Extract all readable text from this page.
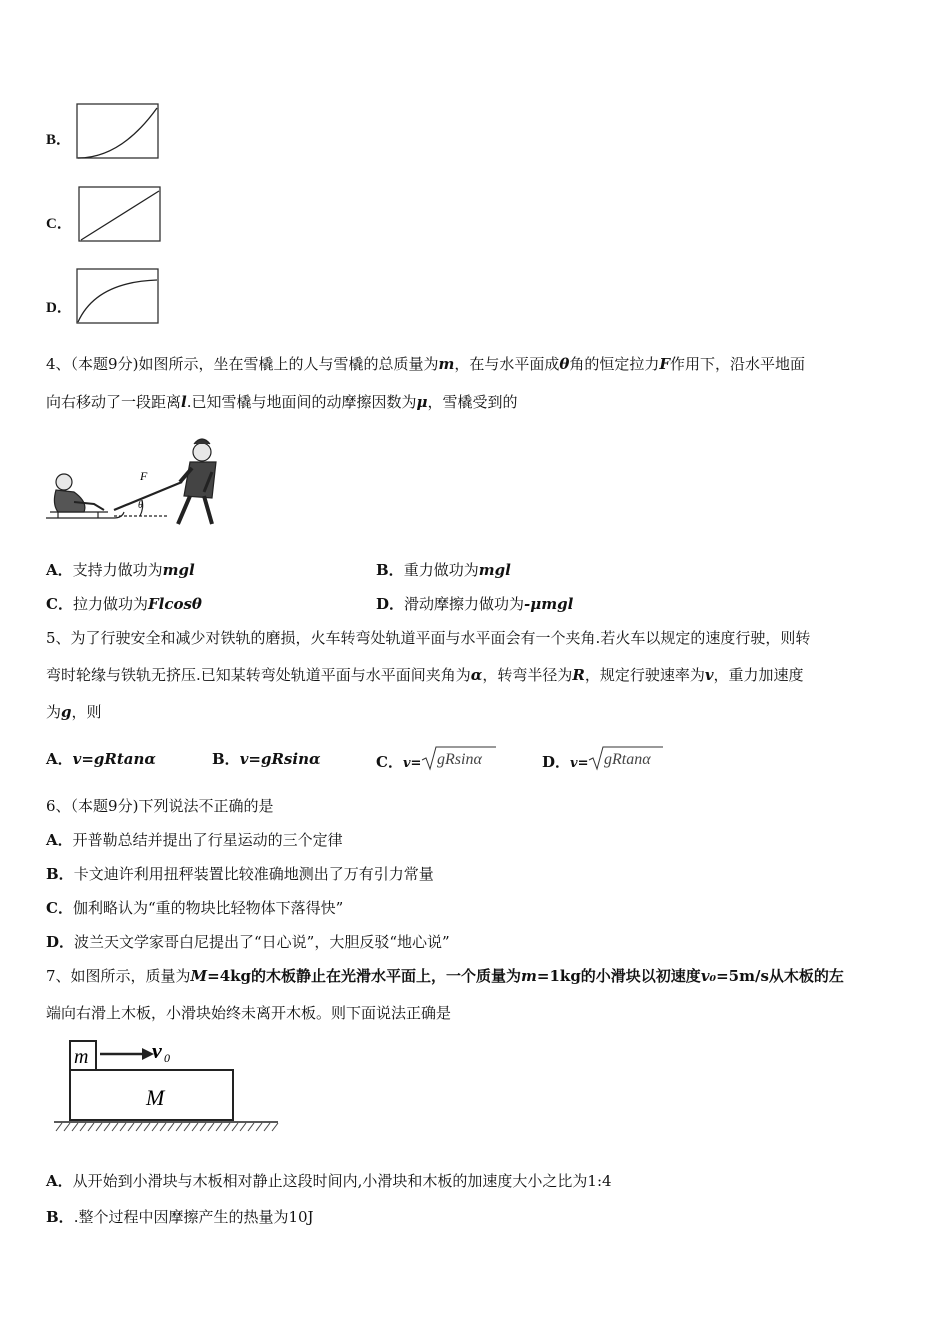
B．
C．
D．
4、（本题9分)如图所示，坐在雪橇上的人与雪橇的总质量为m，在与水平面成θ角的恒定拉力F作用下，沿水平地面
向右移动了一段距离l.已知雪橇与地面间的动摩擦因数为μ，雪橇受到的
F
θ
A．支持力做功为mgl	B．重力做功为mgl
C．拉力做功为Flcosθ	D．滑动摩擦力做功为-μmgl
5、为了行驶安全和减少对铁轨的磨损，火车转弯处轨道平面与水平面会有一个夹角.若火车以规定的速度行驶，则转
弯时轮缘与铁轨无挤压.已知某转弯处轨道平面与水平面间夹角为α，转弯半径为R，规定行驶速率为v，重力加速度
为g，则
A．v=gRtanα	B．v=gRsinα	C．v= gRsinα	D．v= gRtanα
6、（本题9分)下列说法不正确的是
A．开普勒总结并提出了行星运动的三个定律
B．卡文迪许利用扭秤装置比较准确地测出了万有引力常量
C．伽利略认为“重的物块比轻物体下落得快”
D．波兰天文学家哥白尼提出了“日心说”，大胆反驳“地心说”
7、如图所示，质量为M=4kg的木板静止在光滑水平面上，一个质量为m=1kg的小滑块以初速度v₀=5m/s从木板的左
端向右滑上木板，小滑块始终未离开木板。则下面说法正确是
m	v 0
M
A．从开始到小滑块与木板相对静止这段时间内,小滑块和木板的加速度大小之比为1:4
B．.整个过程中因摩擦产生的热量为10J
